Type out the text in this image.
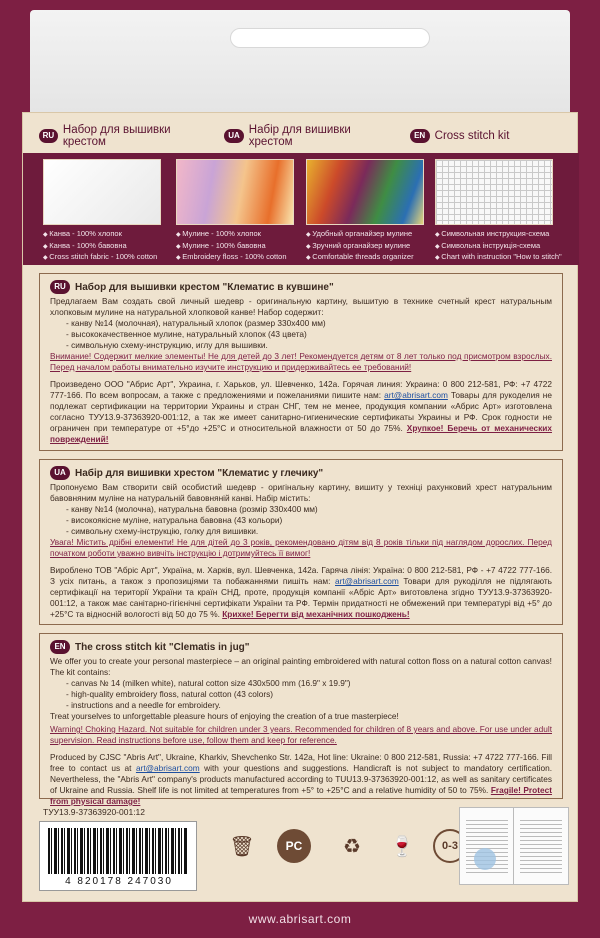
RU Набор для вышивки крестом
UA Набір для вишивки хрестом
EN Cross stitch kit
◆ Канва - 100% хлопок
◆ Канва - 100% бавовна
◆ Cross stitch fabric - 100% cotton
◆ Мулине - 100% хлопок
◆ Мулине - 100% бавовна
◆ Embroidery floss - 100% cotton
◆ Удобный органайзер мулине
◆ Зручний органайзер мулине
◆ Comfortable threads organizer
◆ Символьная инструкция-схема
◆ Символьна інструкція-схема
◆ Chart with instruction "How to stitch"
RU Набор для вышивки крестом "Клематис в кувшине"
Предлагаем Вам создать свой личный шедевр - оригинальную картину, вышитую в технике счетный крест натуральным хлопковым мулине на натуральной хлопковой канве! Набор содержит:
- канву №14 (молочная), натуральный хлопок (размер 330х400 мм)
- высококачественное мулине, натуральный хлопок (43 цвета)
- символьную схему-инструкцию, иглу для вышивки.
Внимание! Содержит мелкие элементы! Не для детей до 3 лет! Рекомендуется детям от 8 лет только под присмотром взрослых. Перед началом работы внимательно изучите инструкцию и придерживайтесь ее требований!
Произведено ООО "Абрис Арт", Украина, г. Харьков, ул. Шевченко, 142а. Горячая линия: Украина: 0 800 212-581, РФ: +7 4722 777-166. По всем вопросам, а также с предложениями и пожеланиями пишите нам: art@abrisart.com Товары для рукоделия не подлежат сертификации на территории Украины и стран СНГ, тем не менее, продукция компании «Абрис Арт» изготовлена согласно ТУУ13.9-37363920-001:12, а так же имеет санитарно-гигиенические сертификаты Украины и РФ. Срок годности не ограничен при температуре от +5°до +25°С и относительной влажности от 50 до 75%. Хрупкое! Беречь от механических повреждений!
UA Набір для вишивки хрестом "Клематис у глечику"
Пропонуємо Вам створити свій особистий шедевр - оригінальну картину, вишиту у техніці рахунковий хрест натуральним бавовняним муліне на натуральній бавовняній канві. Набір містить:
- канву №14 (молочна), натуральна бавовна (розмір 330х400 мм)
- високоякісне муліне, натуральна бавовна (43 кольори)
- символьну схему-інструкцію, голку для вишивки.
Увага! Містить дрібні елементи! Не для дітей до 3 років, рекомендовано дітям від 8 років тільки під наглядом дорослих. Перед початком роботи уважно вивчіть інструкцію і дотримуйтесь її вимог!
Виробленo ТОВ "Абріс Арт", Україна, м. Харків, вул. Шевченка, 142а. Гаряча лінія: Україна: 0 800 212-581, РФ - +7 4722 777-166. З усіх питань, а також з пропозиціями та побажаннями пишіть нам: art@abrisart.com Товари для рукоділля не підлягають сертифікації на території України та країн СНД, проте, продукція компанії «Абріс Арт» виготовлена згідно ТУУ13.9-37363920-001:12, а також має санітарно-гігієнічні сертифікати України та РФ. Термін придатності не обмежений при температурі від +5° до +25°С та відносній вологості від 50 до 75 %. Крихке! Берегти від механічних пошкоджень!
EN The cross stitch kit "Clematis in jug"
We offer you to create your personal masterpiece – an original painting embroidered with natural cotton floss on a natural cotton canvas! The kit contains:
- canvas № 14 (milken white), natural cotton size 430x500 mm (16.9" x 19.9")
- high-quality embroidery floss, natural cotton (43 colors)
- instructions and a needle for embroidery.
Treat yourselves to unforgettable pleasure hours of enjoying the creation of a true masterpiece!
Warning! Choking Hazard. Not suitable for children under 3 years. Recommended for children of 8 years and above. For use under adult supervision. Read instructions before use, follow them and keep for reference.
Produced by CJSC "Abris Art", Ukraine, Kharkiv, Shevchenko Str. 142a, Hot line: Ukraine: 0 800 212-581, Russia: +7 4722 777-166. Fill free to contact us at art@abrisart.com with your questions and suggestions. Handicraft is not subject to mandatory certification. Nevertheless, the "Abris Art" company's products manufactured according to TUU13.9-37363920-001:12, as well as sanitary certificates of Ukraine and Russia. Shelf life is not limited at temperatures from +5° to +25°C and a relative humidity of 50 to 75%. Fragile! Protect from physical damage!
ТУУ13.9-37363920-001:12
4 820178 247030
🗑	PC	♻	🍷	0-3
www.abrisart.com
